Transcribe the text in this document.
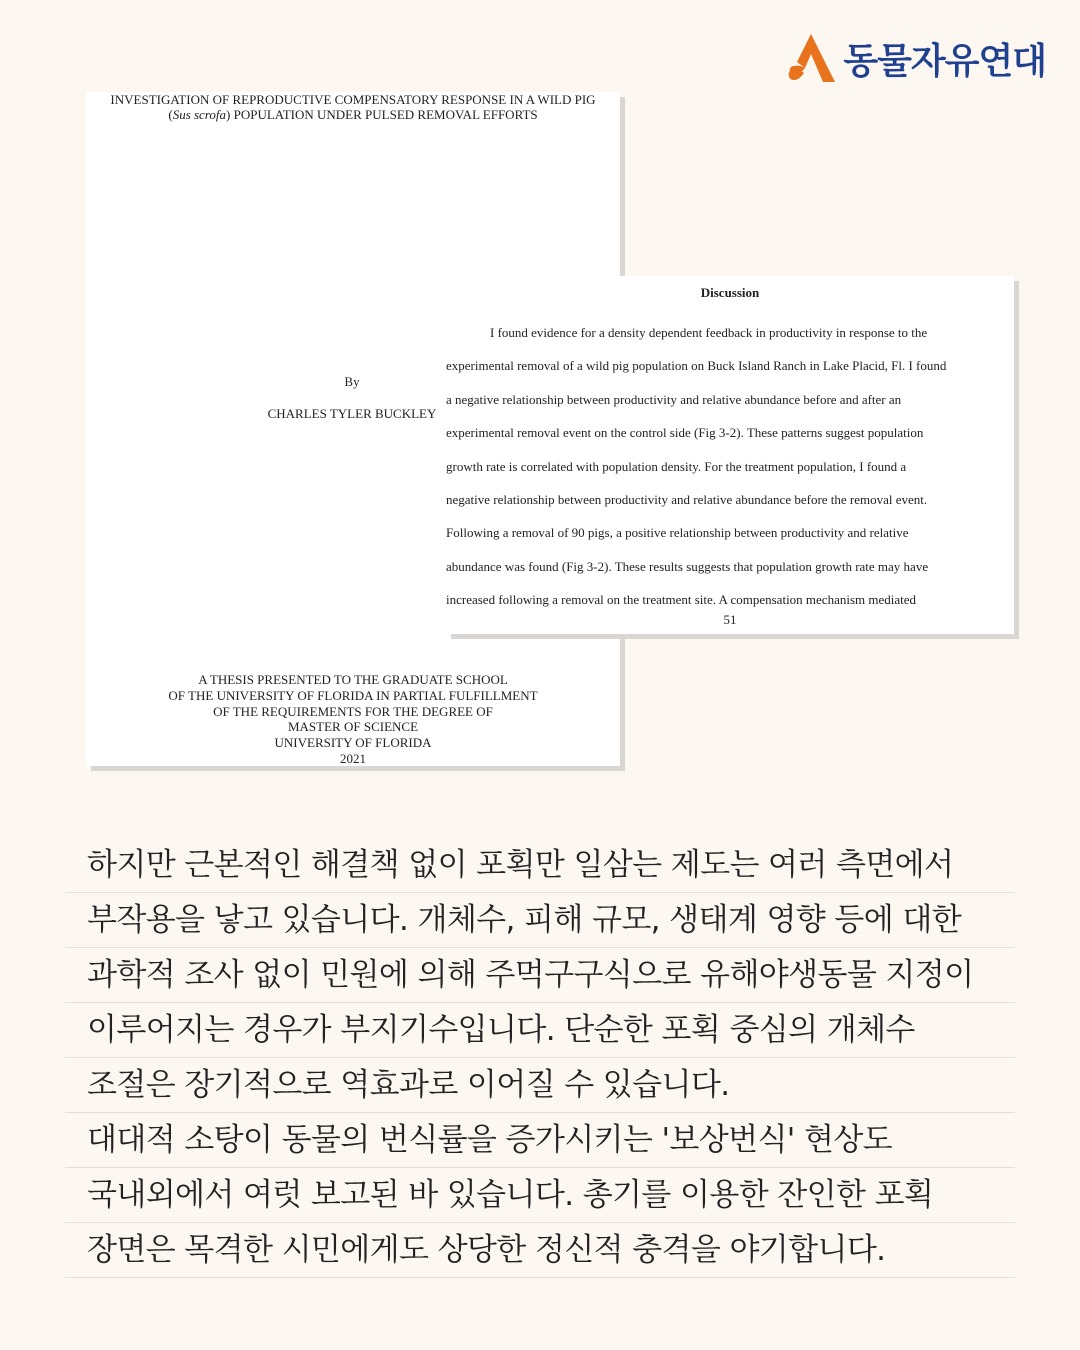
동물자유연대
INVESTIGATION OF REPRODUCTIVE COMPENSATORY RESPONSE IN A WILD PIG
(Sus scrofa) POPULATION UNDER PULSED REMOVAL EFFORTS
By
CHARLES TYLER BUCKLEY
A THESIS PRESENTED TO THE GRADUATE SCHOOL
OF THE UNIVERSITY OF FLORIDA IN PARTIAL FULFILLMENT
OF THE REQUIREMENTS FOR THE DEGREE OF
MASTER OF SCIENCE
UNIVERSITY OF FLORIDA
2021
Discussion
I found evidence for a density dependent feedback in productivity in response to the
experimental removal of a wild pig population on Buck Island Ranch in Lake Placid, Fl. I found
a negative relationship between productivity and relative abundance before and after an
experimental removal event on the control side (Fig 3-2). These patterns suggest population
growth rate is correlated with population density. For the treatment population, I found a
negative relationship between productivity and relative abundance before the removal event.
Following a removal of 90 pigs, a positive relationship between productivity and relative
abundance was found (Fig 3-2). These results suggests that population growth rate may have
increased following a removal on the treatment site. A compensation mechanism mediated
51
하지만 근본적인 해결책 없이 포획만 일삼는 제도는 여러 측면에서
부작용을 낳고 있습니다. 개체수, 피해 규모, 생태계 영향 등에 대한
과학적 조사 없이 민원에 의해 주먹구구식으로 유해야생동물 지정이
이루어지는 경우가 부지기수입니다. 단순한 포획 중심의 개체수
조절은 장기적으로 역효과로 이어질 수 있습니다.
대대적 소탕이 동물의 번식률을 증가시키는 '보상번식' 현상도
국내외에서 여럿 보고된 바 있습니다. 총기를 이용한 잔인한 포획
장면은 목격한 시민에게도 상당한 정신적 충격을 야기합니다.
